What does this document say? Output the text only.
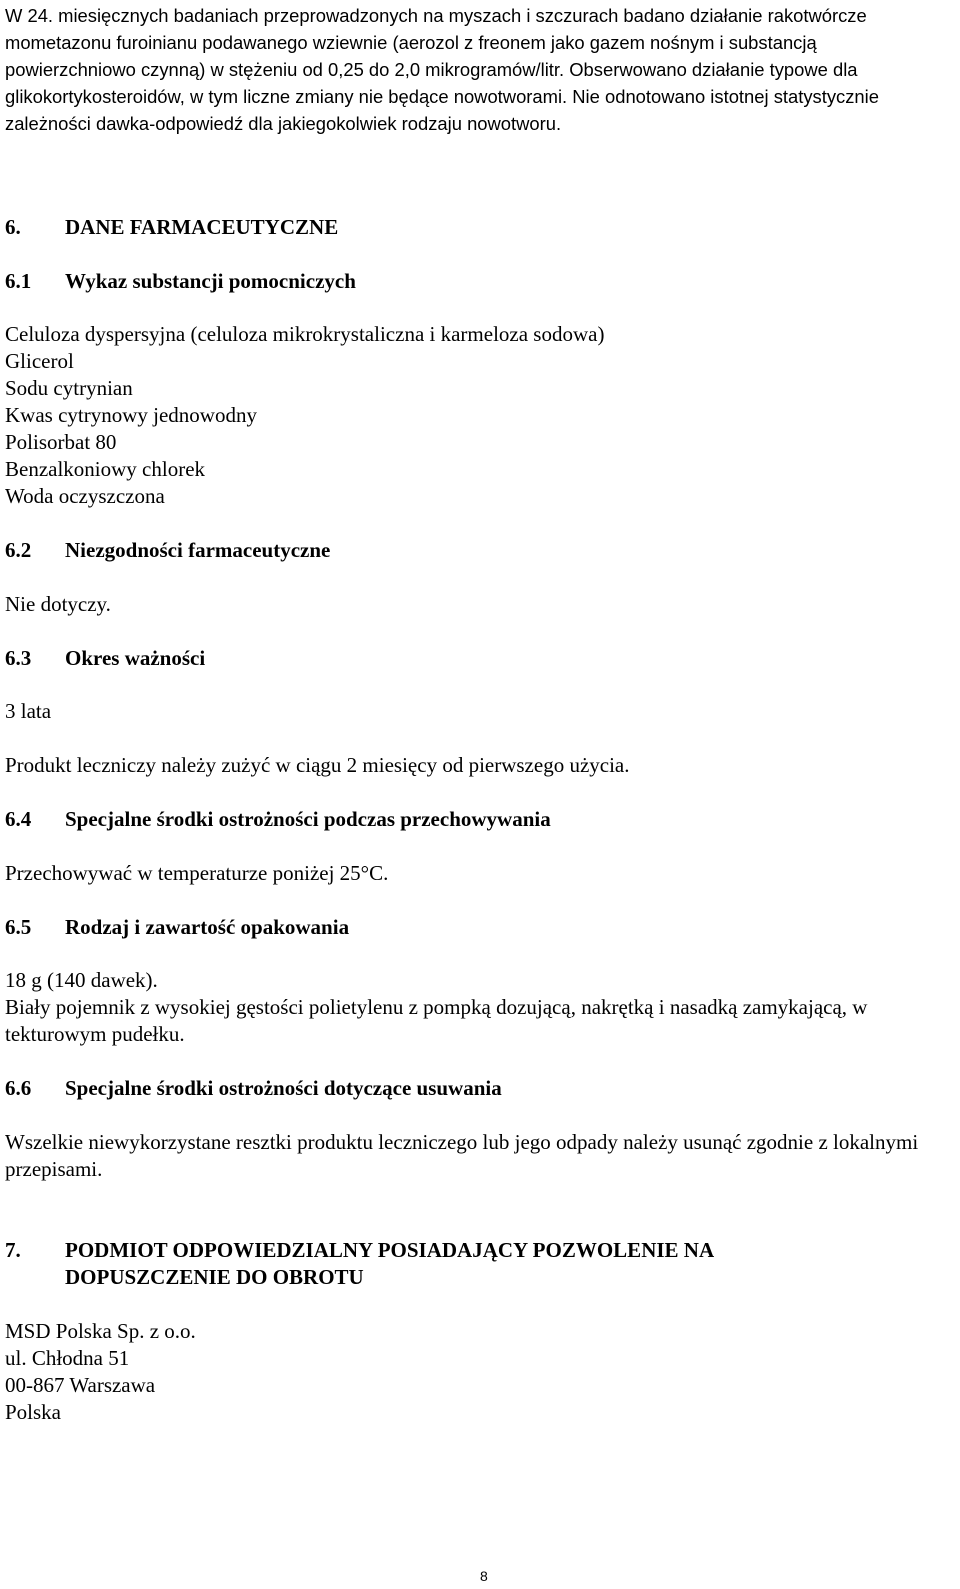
W 24. miesięcznych badaniach przeprowadzonych na myszach i szczurach badano działanie rakotwórcze mometazonu furoinianu podawanego wziewnie (aerozol z freonem jako gazem nośnym i substancją powierzchniowo czynną) w stężeniu od 0,25 do 2,0 mikrogramów/litr. Obserwowano działanie typowe dla glikokortykosteroidów, w tym liczne zmiany nie będące nowotworami. Nie odnotowano istotnej statystycznie zależności dawka-odpowiedź dla jakiegokolwiek rodzaju nowotworu.

6. DANE FARMACEUTYCZNE
6.1 Wykaz substancji pomocniczych

Celuloza dyspersyjna (celuloza mikrokrystaliczna i karmeloza sodowa)

Glicerol

Sodu cytrynian

Kwas cytrynowy jednowodny

Polisorbat 80

Benzalkoniowy chlorek

Woda oczyszczona

6.2 Niezgodności farmaceutyczne

Nie dotyczy.

6.3 Okres ważności

3 lata

Produkt leczniczy należy zużyć w ciągu 2 miesięcy od pierwszego użycia.

6.4 Specjalne środki ostrożności podczas przechowywania

Przechowywać w temperaturze poniżej 25°C.

6.5 Rodzaj i zawartość opakowania

18 g (140 dawek).

Biały pojemnik z wysokiej gęstości polietylenu z pompką dozującą, nakrętką i nasadką zamykającą, w tekturowym pudełku.

6.6 Specjalne środki ostrożności dotyczące usuwania

Wszelkie niewykorzystane resztki produktu leczniczego lub jego odpady należy usunąć zgodnie z lokalnymi przepisami.

7. PODMIOT ODPOWIEDZIALNY POSIADAJĄCY POZWOLENIE NA DOPUSZCZENIE DO OBROTU

MSD Polska Sp. z o.o.

ul. Chłodna 51

00-867 Warszawa

Polska

8
